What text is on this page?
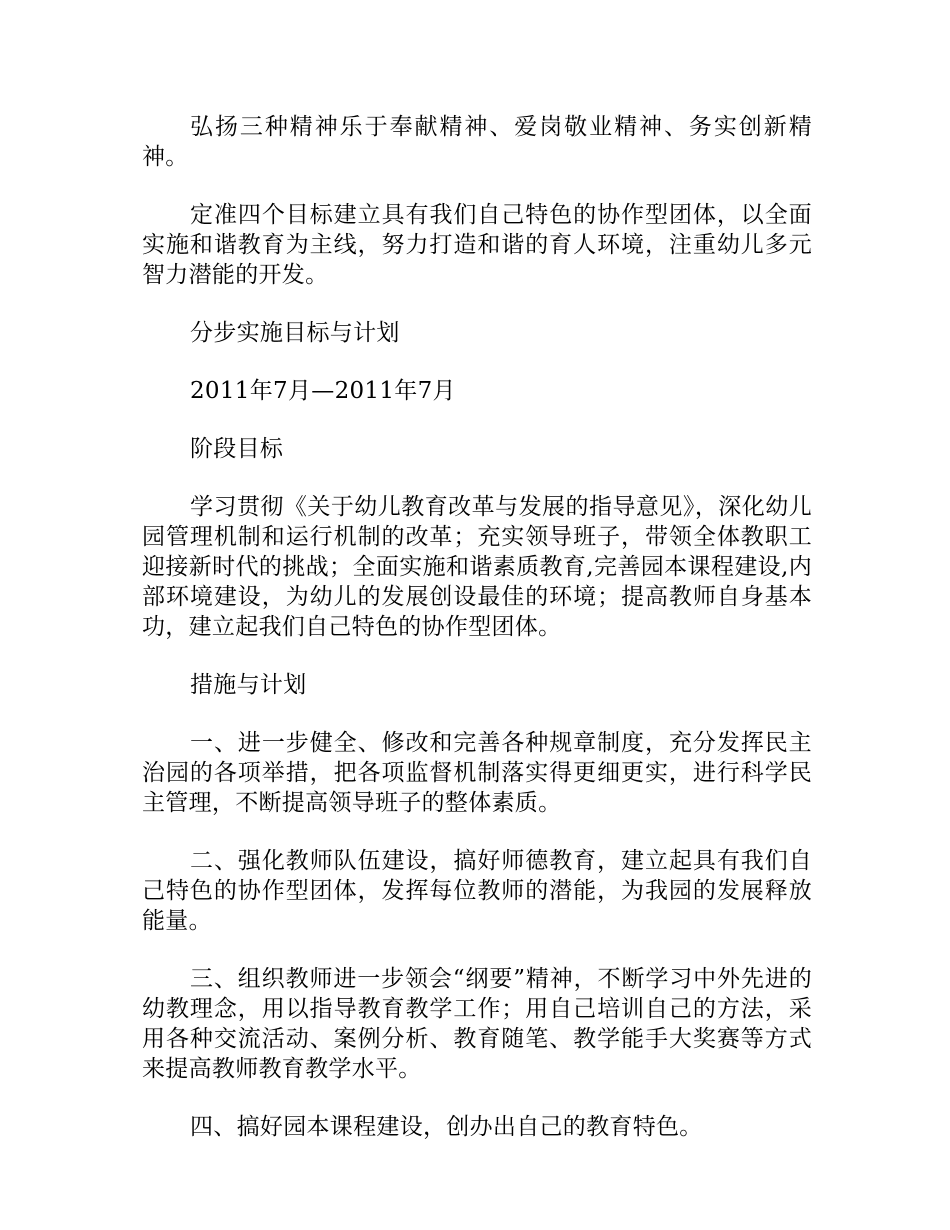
弘扬三种精神乐于奉献精神、爱岗敬业精神、务实创新精神。

定准四个目标建立具有我们自己特色的协作型团体，以全面实施和谐教育为主线，努力打造和谐的育人环境，注重幼儿多元智力潜能的开发。

分步实施目标与计划

2011年7月—2011年7月

阶段目标

学习贯彻《关于幼儿教育改革与发展的指导意见》，深化幼儿园管理机制和运行机制的改革；充实领导班子，带领全体教职工迎接新时代的挑战；全面实施和谐素质教育,完善园本课程建设,内部环境建设，为幼儿的发展创设最佳的环境；提高教师自身基本功，建立起我们自己特色的协作型团体。

措施与计划

一、进一步健全、修改和完善各种规章制度，充分发挥民主治园的各项举措，把各项监督机制落实得更细更实，进行科学民主管理，不断提高领导班子的整体素质。

二、强化教师队伍建设，搞好师德教育，建立起具有我们自己特色的协作型团体，发挥每位教师的潜能，为我园的发展释放能量。

三、组织教师进一步领会“纲要”精神，不断学习中外先进的幼教理念，用以指导教育教学工作；用自己培训自己的方法，采用各种交流活动、案例分析、教育随笔、教学能手大奖赛等方式来提高教师教育教学水平。

四、搞好园本课程建设，创办出自己的教育特色。
